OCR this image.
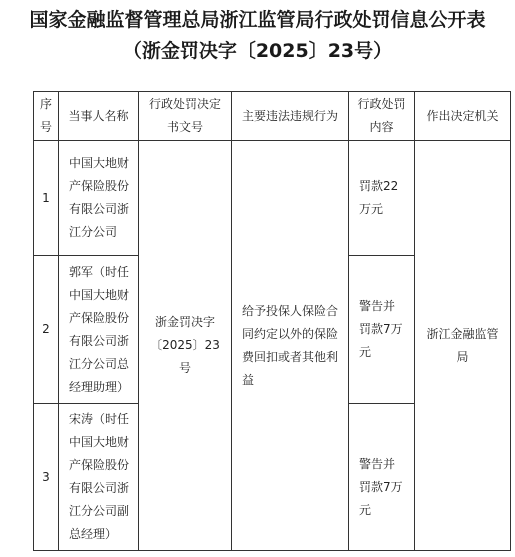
国家金融监督管理总局浙江监管局行政处罚信息公开表
（浙金罚决字〔2025〕23号）
序号	当事人名称	行政处罚决定书文号	主要违法违规行为	行政处罚内容	作出决定机关
1	中国大地财产保险股份有限公司浙江分公司	浙金罚决字〔2025〕23号	给予投保人保险合同约定以外的保险费回扣或者其他利益	罚款22万元	浙江金融监管局
2	郭军（时任中国大地财产保险股份有限公司浙江分公司总经理助理）			警告并罚款7万元	
3	宋涛（时任中国大地财产保险股份有限公司浙江分公司副总经理）			警告并罚款7万元	
